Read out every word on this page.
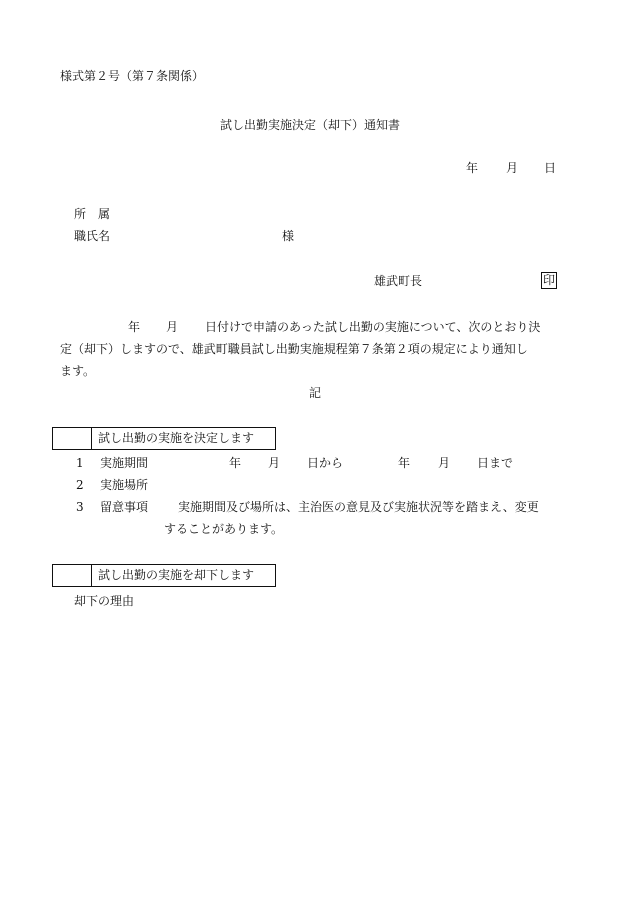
様式第２号（第７条関係）
試し出勤実施決定（却下）通知書
年 月 日
所　属
職氏名	様
雄武町長	印
年 月 日付けで申請のあった試し出勤の実施について、次のとおり決
定（却下）しますので、雄武町職員試し出勤実施規程第７条第２項の規定により通知し
ます。
記
試し出勤の実施を決定します
1 実施期間	年 月 日から	年 月 日まで
2 実施場所
3 留意事項 実施期間及び場所は、主治医の意見及び実施状況等を踏まえ、変更
することがあります。
試し出勤の実施を却下します
却下の理由
